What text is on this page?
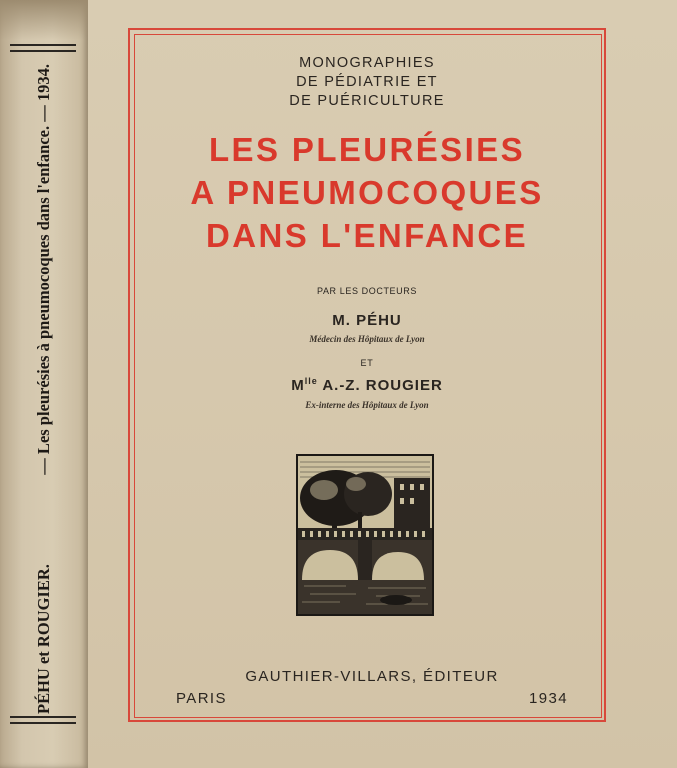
PÉHU et ROUGIER.
— Les pleurésies à pneumocoques dans l'enfance. — 1934.
MONOGRAPHIES
DE PÉDIATRIE ET
DE PUÉRICULTURE
LES PLEURÉSIES
A PNEUMOCOQUES
DANS L'ENFANCE
PAR LES DOCTEURS
M. PÉHU
Médecin des Hôpitaux de Lyon
ET
$M^{lle}$ A.-Z. ROUGIER
Ex-interne des Hôpitaux de Lyon
GAUTHIER-VILLARS, ÉDITEUR
PARIS	1934
